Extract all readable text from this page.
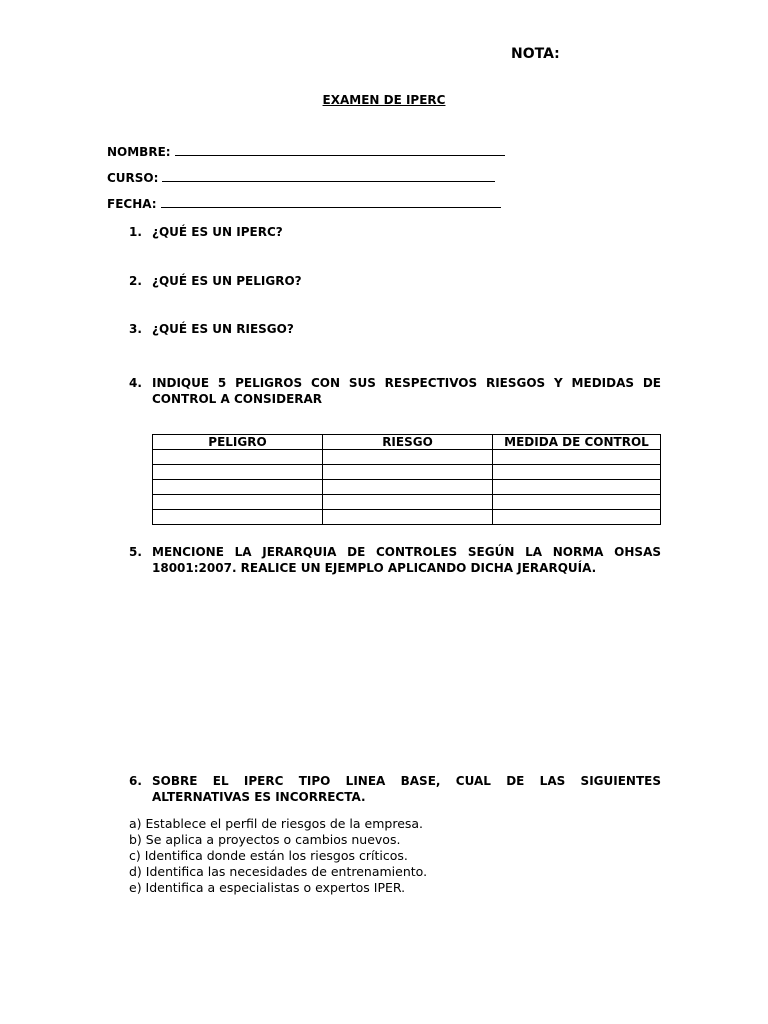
NOTA:
EXAMEN DE IPERC
NOMBRE:
CURSO:
FECHA:
1. ¿QUÉ ES UN IPERC?
2. ¿QUÉ ES UN PELIGRO?
3. ¿QUÉ ES UN RIESGO?
4. INDIQUE 5 PELIGROS CON SUS RESPECTIVOS RIESGOS Y MEDIDAS DE CONTROL A CONSIDERAR
PELIGRO	RIESGO	MEDIDA DE CONTROL

5. MENCIONE LA JERARQUIA DE CONTROLES SEGÚN LA NORMA OHSAS 18001:2007. REALICE UN EJEMPLO APLICANDO DICHA JERARQUÍA.
6. SOBRE EL IPERC TIPO LINEA BASE, CUAL DE LAS SIGUIENTES ALTERNATIVAS ES INCORRECTA.
a) Establece el perfil de riesgos de la empresa.
b) Se aplica a proyectos o cambios nuevos.
c) Identifica donde están los riesgos críticos.
d) Identifica las necesidades de entrenamiento.
e) Identifica a especialistas o expertos IPER.
